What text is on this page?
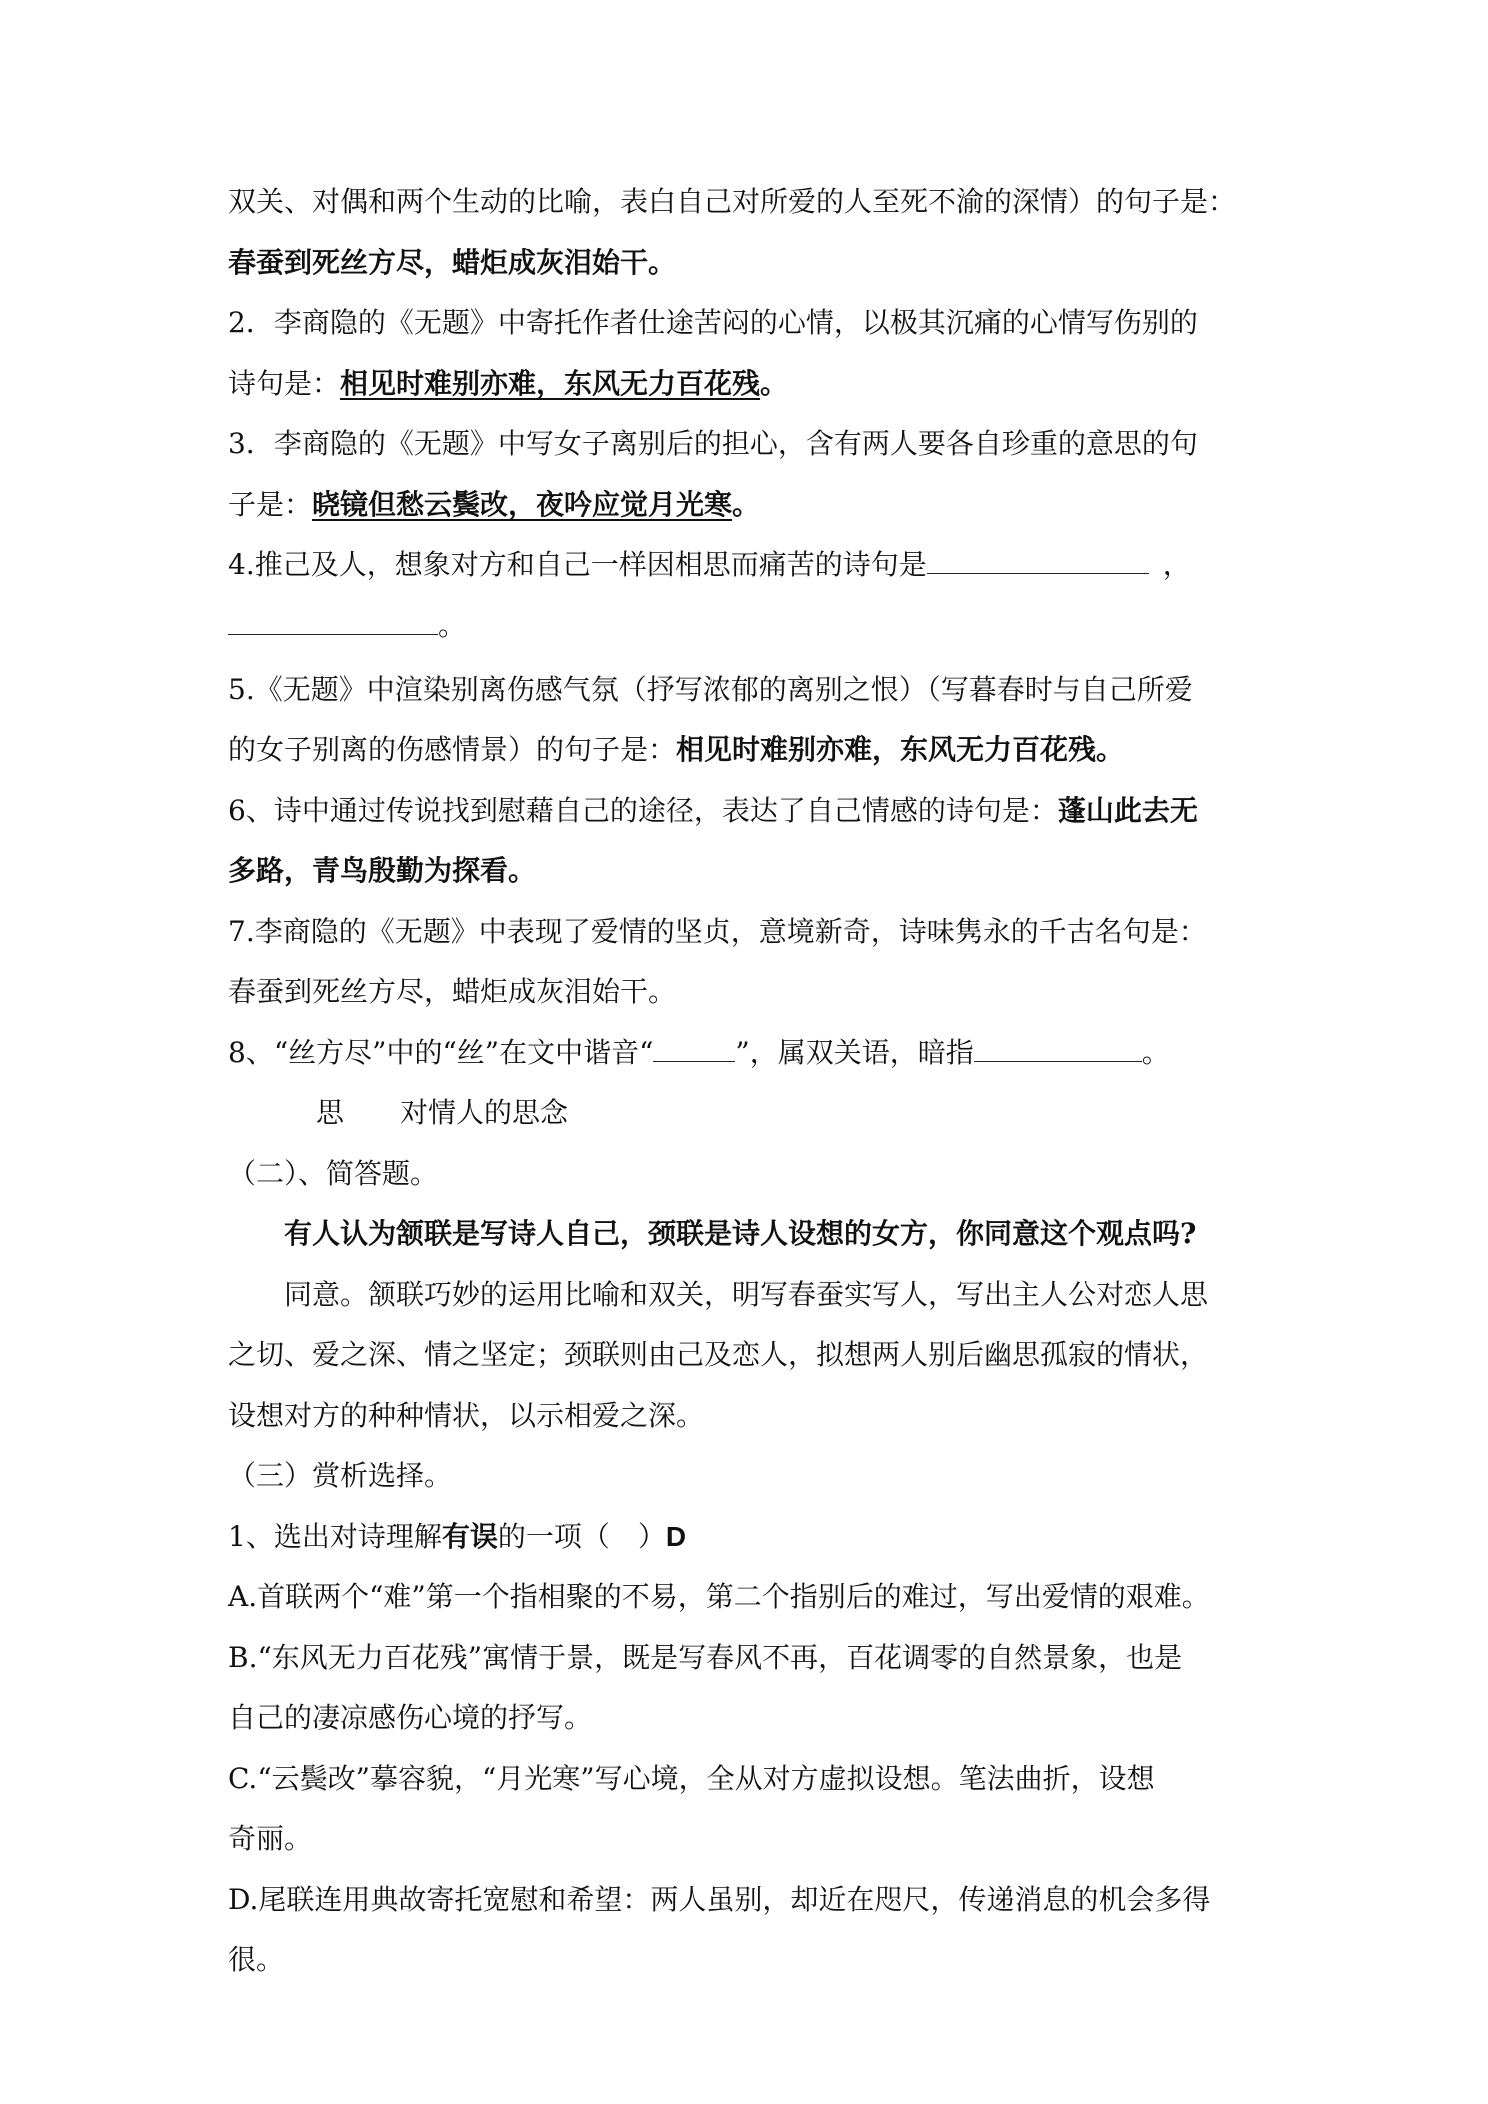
双关、对偶和两个生动的比喻，表白自己对所爱的人至死不渝的深情）的句子是：
春蚕到死丝方尽，蜡炬成灰泪始干。
2．李商隐的《无题》中寄托作者仕途苦闷的心情，以极其沉痛的心情写伤别的
诗句是：相见时难别亦难，东风无力百花残。
3．李商隐的《无题》中写女子离别后的担心，含有两人要各自珍重的意思的句
子是：晓镜但愁云鬓改，夜吟应觉月光寒。
4.推己及人，想象对方和自己一样因相思而痛苦的诗句是	，
。
5.《无题》中渲染别离伤感气氛（抒写浓郁的离别之恨）（写暮春时与自己所爱
的女子别离的伤感情景）的句子是：相见时难别亦难，东风无力百花残。
6、诗中通过传说找到慰藉自己的途径，表达了自己情感的诗句是：蓬山此去无
多路，青鸟殷勤为探看。
7.李商隐的《无题》中表现了爱情的坚贞，意境新奇，诗味隽永的千古名句是：
春蚕到死丝方尽，蜡炬成灰泪始干。
8、“丝方尽”中的“丝”在文中谐音“	”，属双关语，暗指	。
思 对情人的思念
（二）、简答题。
有人认为颔联是写诗人自己，颈联是诗人设想的女方，你同意这个观点吗?
同意。颔联巧妙的运用比喻和双关，明写春蚕实写人，写出主人公对恋人思
之切、爱之深、情之坚定；颈联则由己及恋人，拟想两人别后幽思孤寂的情状，
设想对方的种种情状，以示相爱之深。
（三）赏析选择。
1、选出对诗理解有误的一项（　）D
A.首联两个“难”第一个指相聚的不易，第二个指别后的难过，写出爱情的艰难。
B.“东风无力百花残”寓情于景，既是写春风不再，百花调零的自然景象，也是
自己的凄凉感伤心境的抒写。
C.“云鬓改”摹容貌，“月光寒”写心境，全从对方虚拟设想。笔法曲折，设想
奇丽。
D.尾联连用典故寄托宽慰和希望：两人虽别，却近在咫尺，传递消息的机会多得
很。
